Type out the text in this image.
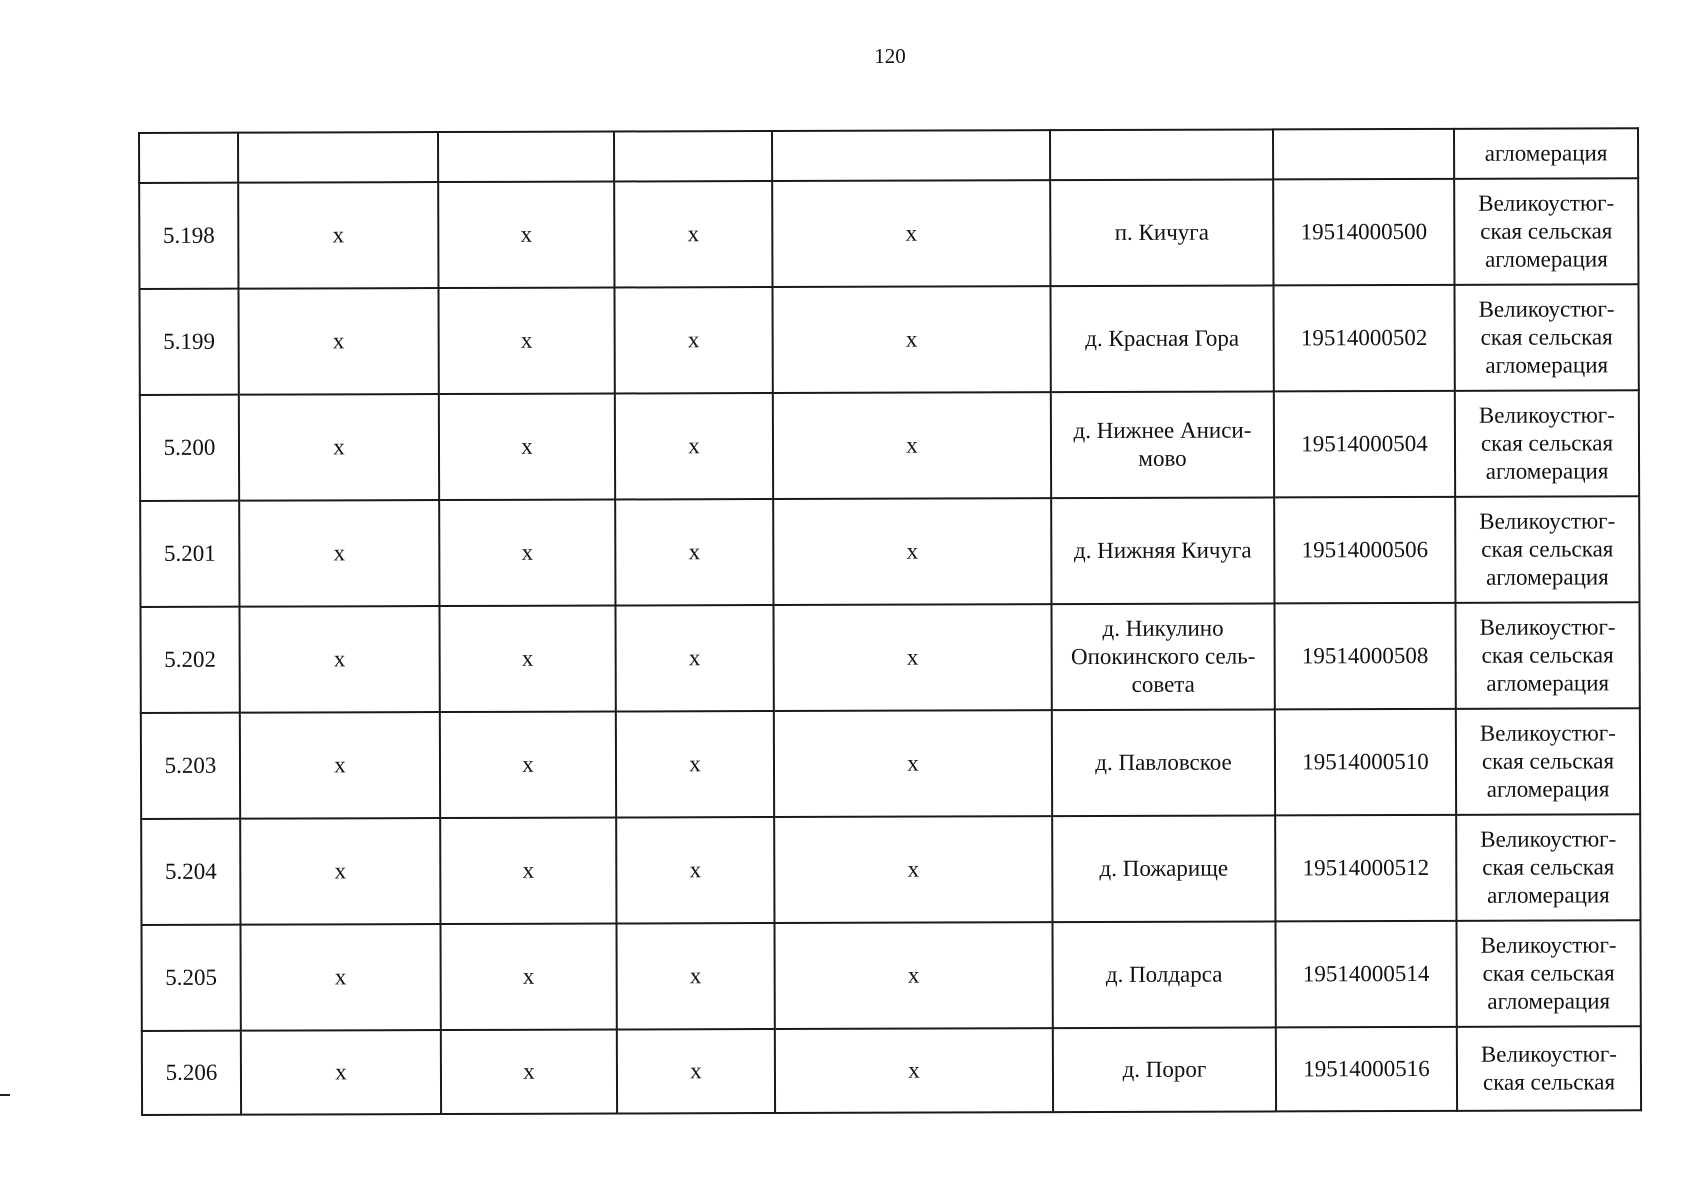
120
							агломерация
5.198	х	х	х	х	п. Кичуга	19514000500	Великоустюг-ская сельская агломерация
5.199	х	х	х	х	д. Красная Гора	19514000502	Великоустюг-ская сельская агломерация
5.200	х	х	х	х	д. Нижнее Аниси-мово	19514000504	Великоустюг-ская сельская агломерация
5.201	х	х	х	х	д. Нижняя Кичуга	19514000506	Великоустюг-ская сельская агломерация
5.202	х	х	х	х	д. Никулино Опокинского сель-совета	19514000508	Великоустюг-ская сельская агломерация
5.203	х	х	х	х	д. Павловское	19514000510	Великоустюг-ская сельская агломерация
5.204	х	х	х	х	д. Пожарище	19514000512	Великоустюг-ская сельская агломерация
5.205	х	х	х	х	д. Полдарса	19514000514	Великоустюг-ская сельская агломерация
5.206	х	х	х	х	д. Порог	19514000516	Великоустюг-ская сельская
